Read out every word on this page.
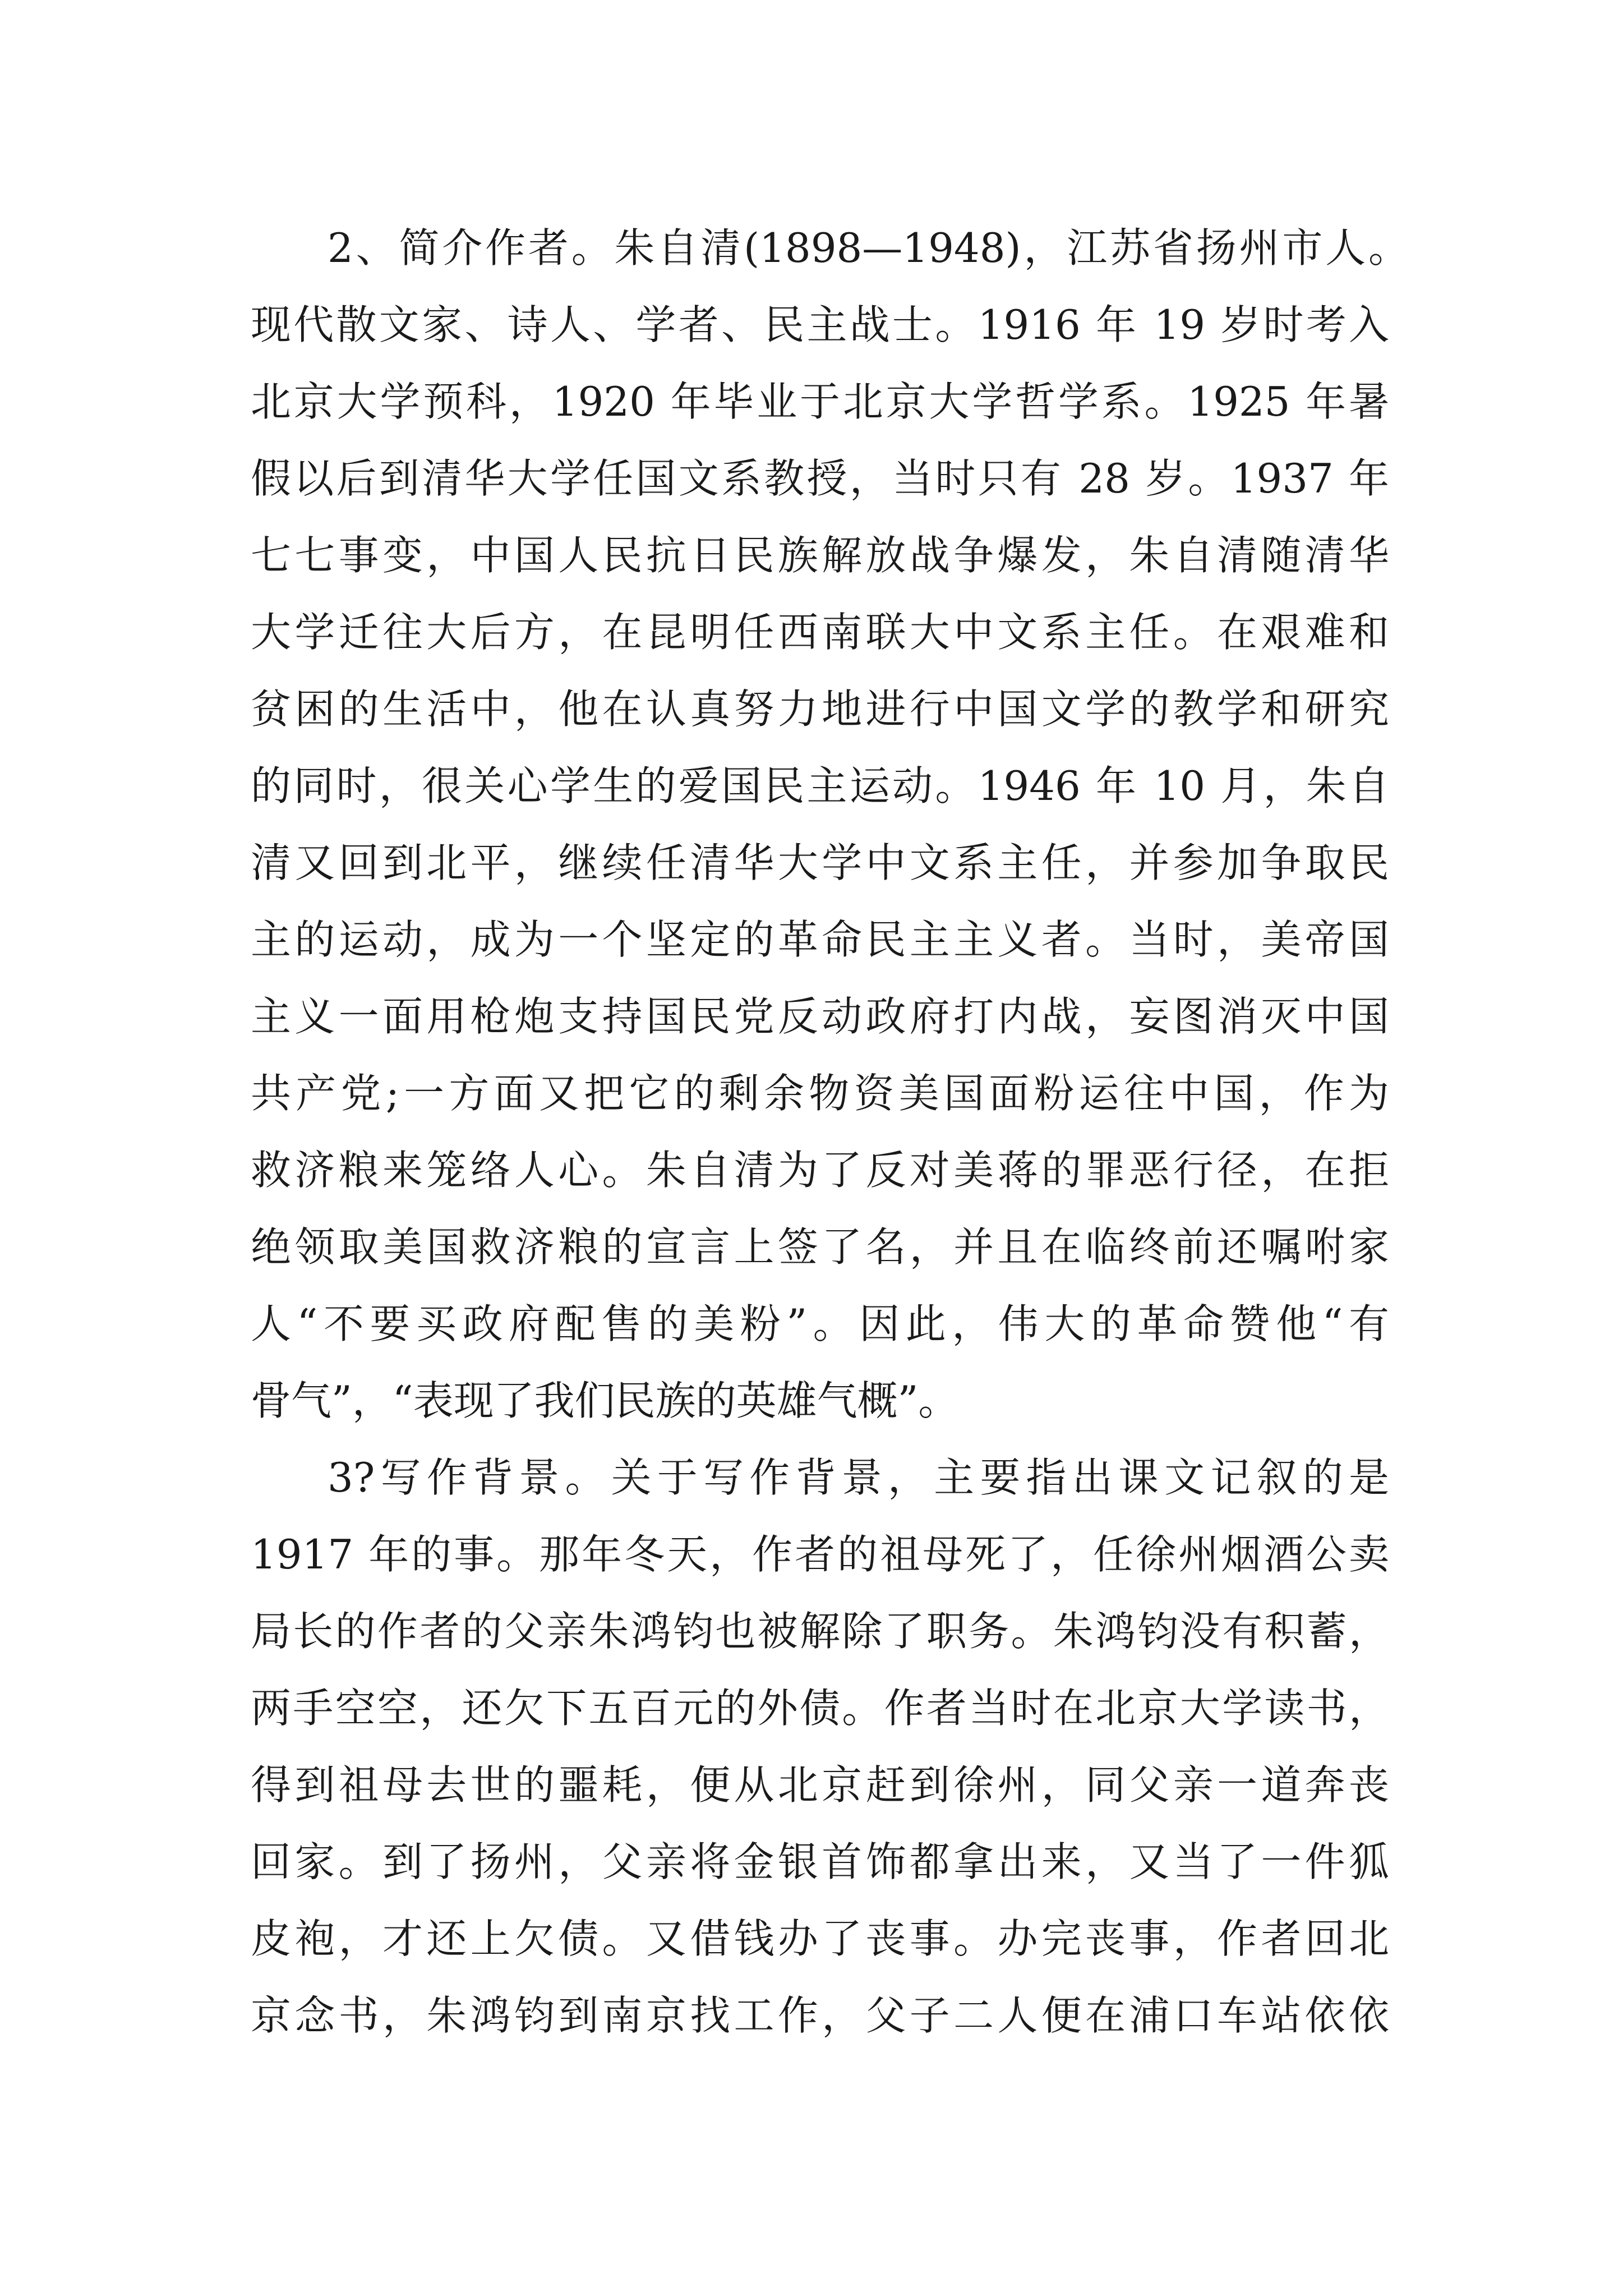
2、简介作者。朱自清(1898—1948)，江苏省扬州市人。
现代散文家、诗人、学者、民主战士。1916 年 19 岁时考入
北京大学预科，1920 年毕业于北京大学哲学系。1925 年暑
假以后到清华大学任国文系教授，当时只有 28 岁。1937 年
七七事变，中国人民抗日民族解放战争爆发，朱自清随清华
大学迁往大后方，在昆明任西南联大中文系主任。在艰难和
贫困的生活中，他在认真努力地进行中国文学的教学和研究
的同时，很关心学生的爱国民主运动。1946 年 10 月，朱自
清又回到北平，继续任清华大学中文系主任，并参加争取民
主的运动，成为一个坚定的革命民主主义者。当时，美帝国
主义一面用枪炮支持国民党反动政府打内战，妄图消灭中国
共产党;一方面又把它的剩余物资美国面粉运往中国，作为
救济粮来笼络人心。朱自清为了反对美蒋的罪恶行径，在拒
绝领取美国救济粮的宣言上签了名，并且在临终前还嘱咐家
人“不要买政府配售的美粉”。因此，伟大的革命赞他“有
骨气”，“表现了我们民族的英雄气概”。
3?写作背景。关于写作背景，主要指出课文记叙的是
1917 年的事。那年冬天，作者的祖母死了，任徐州烟酒公卖
局长的作者的父亲朱鸿钧也被解除了职务。朱鸿钧没有积蓄，
两手空空，还欠下五百元的外债。作者当时在北京大学读书，
得到祖母去世的噩耗，便从北京赶到徐州，同父亲一道奔丧
回家。到了扬州，父亲将金银首饰都拿出来，又当了一件狐
皮袍，才还上欠债。又借钱办了丧事。办完丧事，作者回北
京念书，朱鸿钧到南京找工作，父子二人便在浦口车站依依
